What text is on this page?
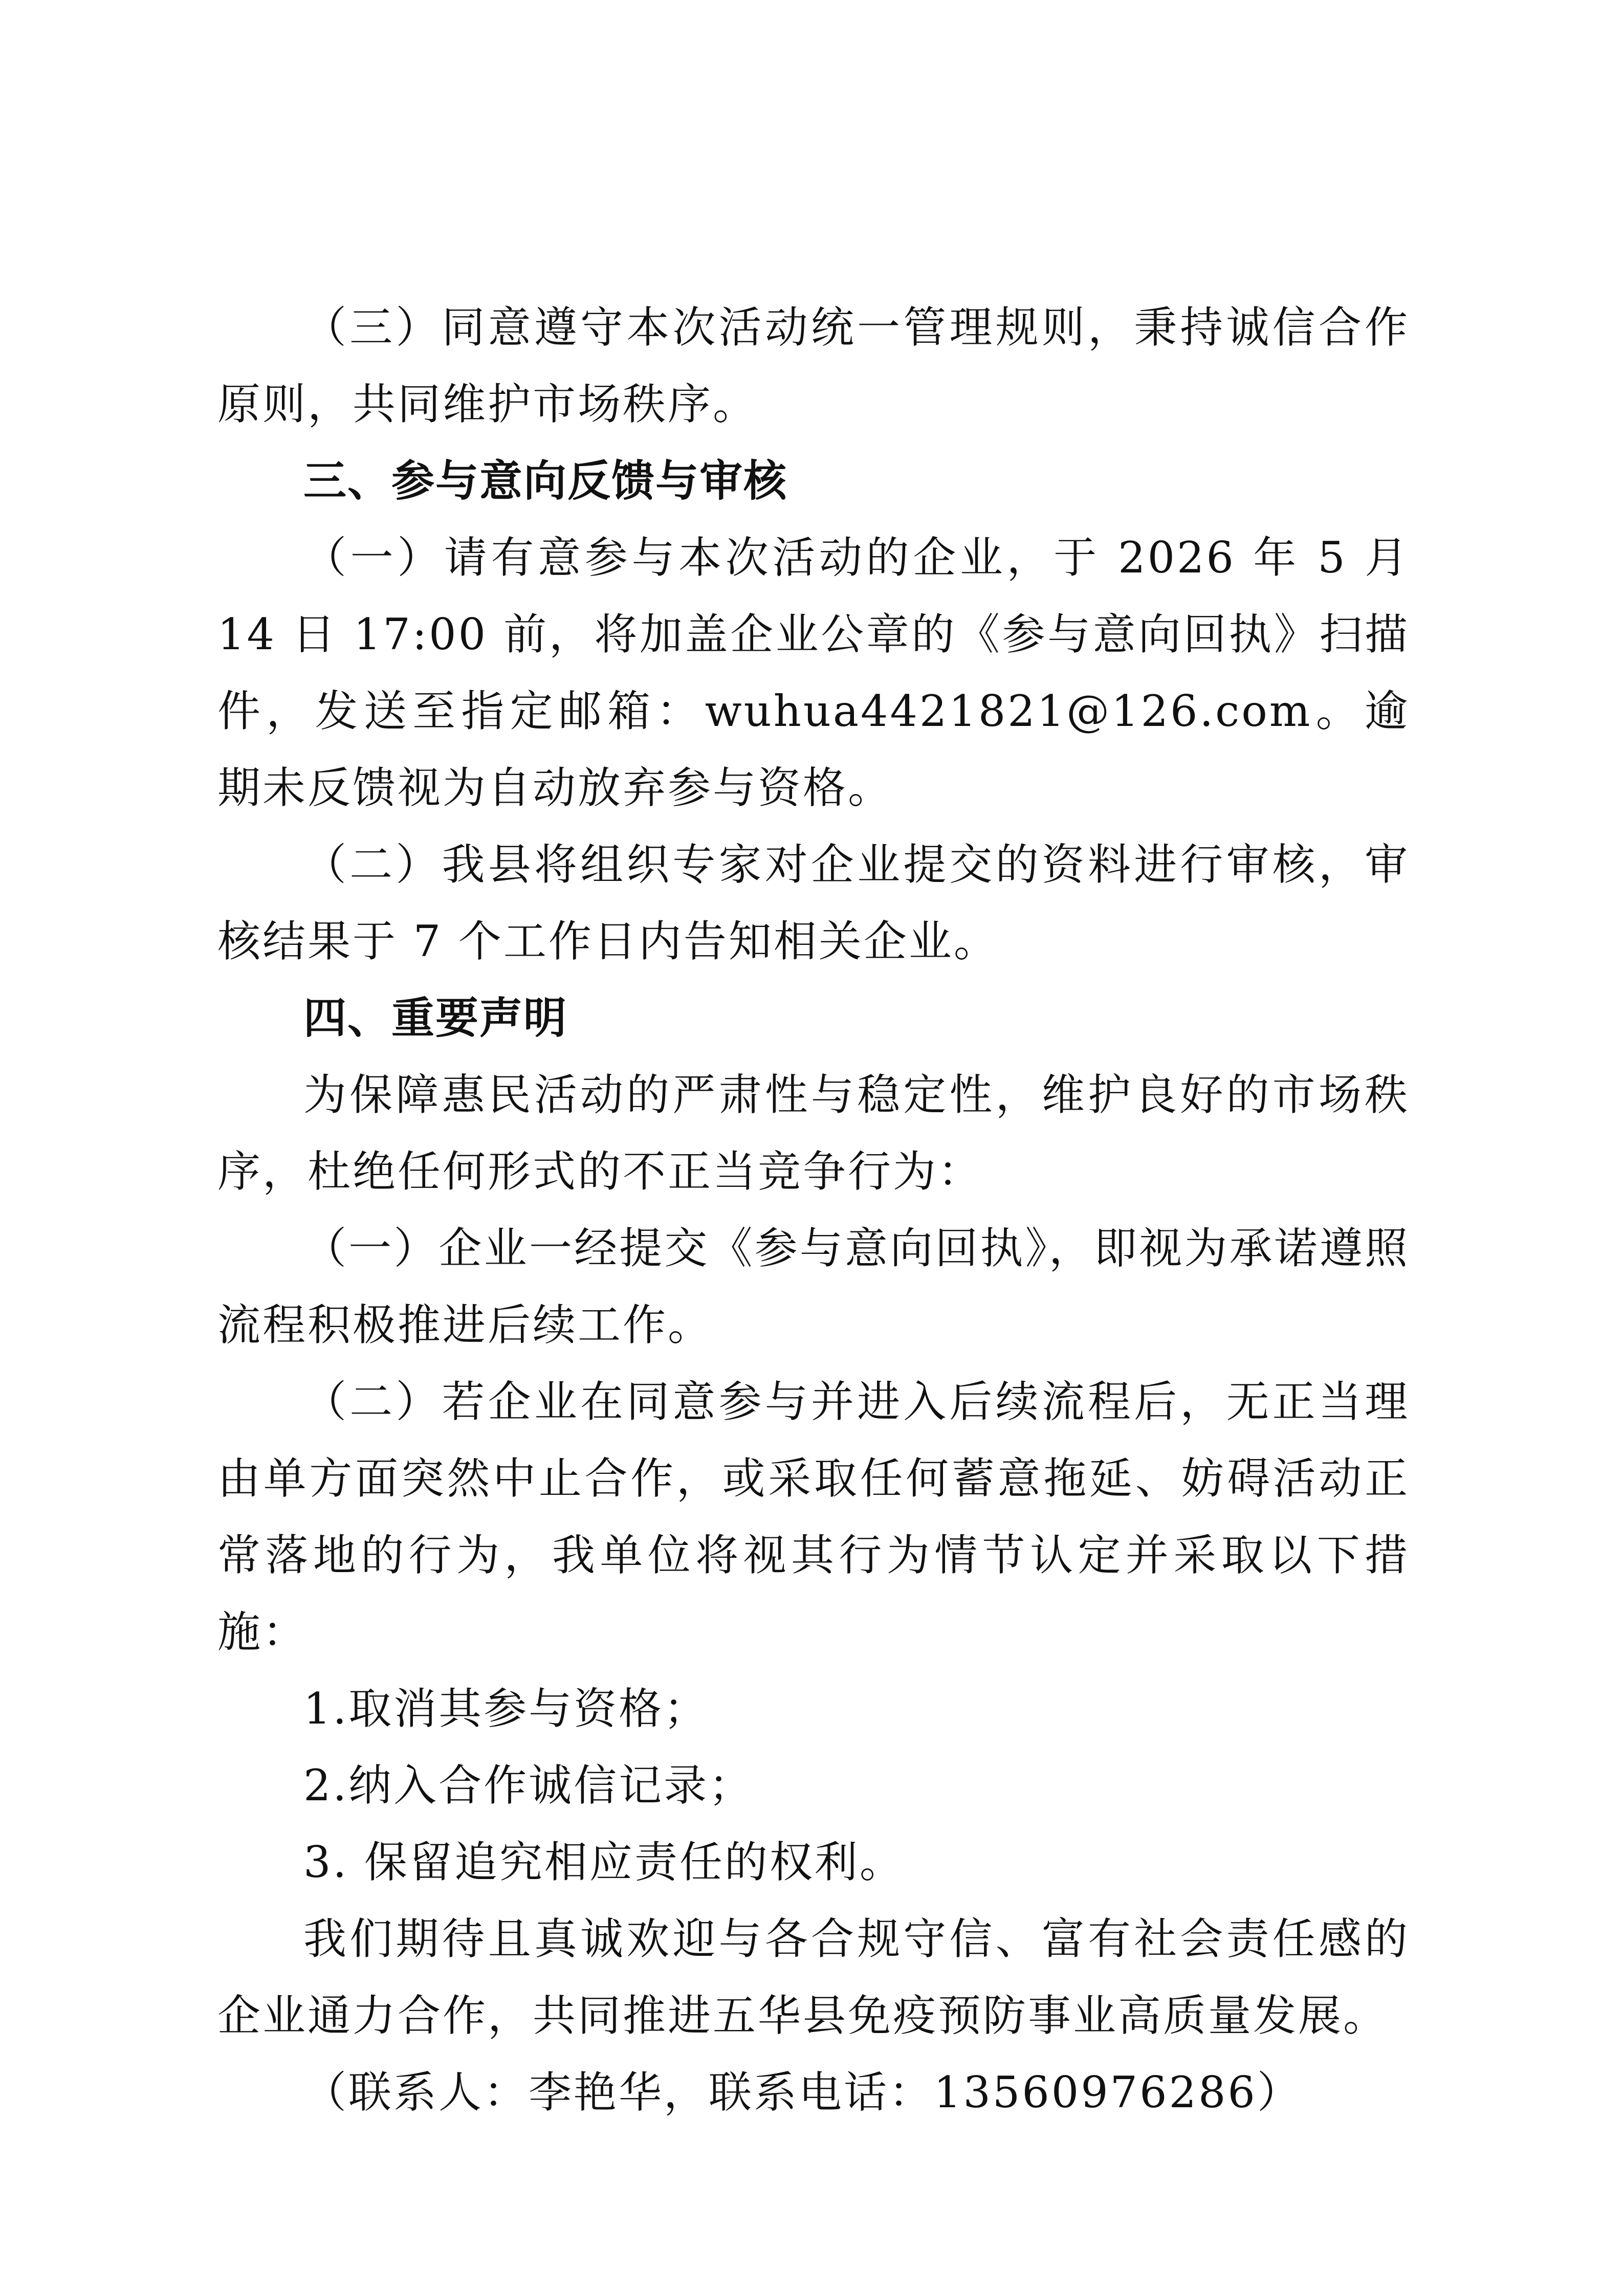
（三）同意遵守本次活动统一管理规则，秉持诚信合作原则，共同维护市场秩序。

三、参与意向反馈与审核

（一）请有意参与本次活动的企业，于 2026 年 5 月 14 日 17:00 前，将加盖企业公章的《参与意向回执》扫描件，发送至指定邮箱：wuhua4421821@126.com。逾期未反馈视为自动放弃参与资格。

（二）我县将组织专家对企业提交的资料进行审核，审核结果于 7 个工作日内告知相关企业。

四、重要声明

为保障惠民活动的严肃性与稳定性，维护良好的市场秩序，杜绝任何形式的不正当竞争行为：

（一）企业一经提交《参与意向回执》，即视为承诺遵照流程积极推进后续工作。

（二）若企业在同意参与并进入后续流程后，无正当理由单方面突然中止合作，或采取任何蓄意拖延、妨碍活动正常落地的行为，我单位将视其行为情节认定并采取以下措施：

1.取消其参与资格；

2.纳入合作诚信记录；

3. 保留追究相应责任的权利。

我们期待且真诚欢迎与各合规守信、富有社会责任感的企业通力合作，共同推进五华县免疫预防事业高质量发展。

（联系人：李艳华，联系电话：13560976286）
